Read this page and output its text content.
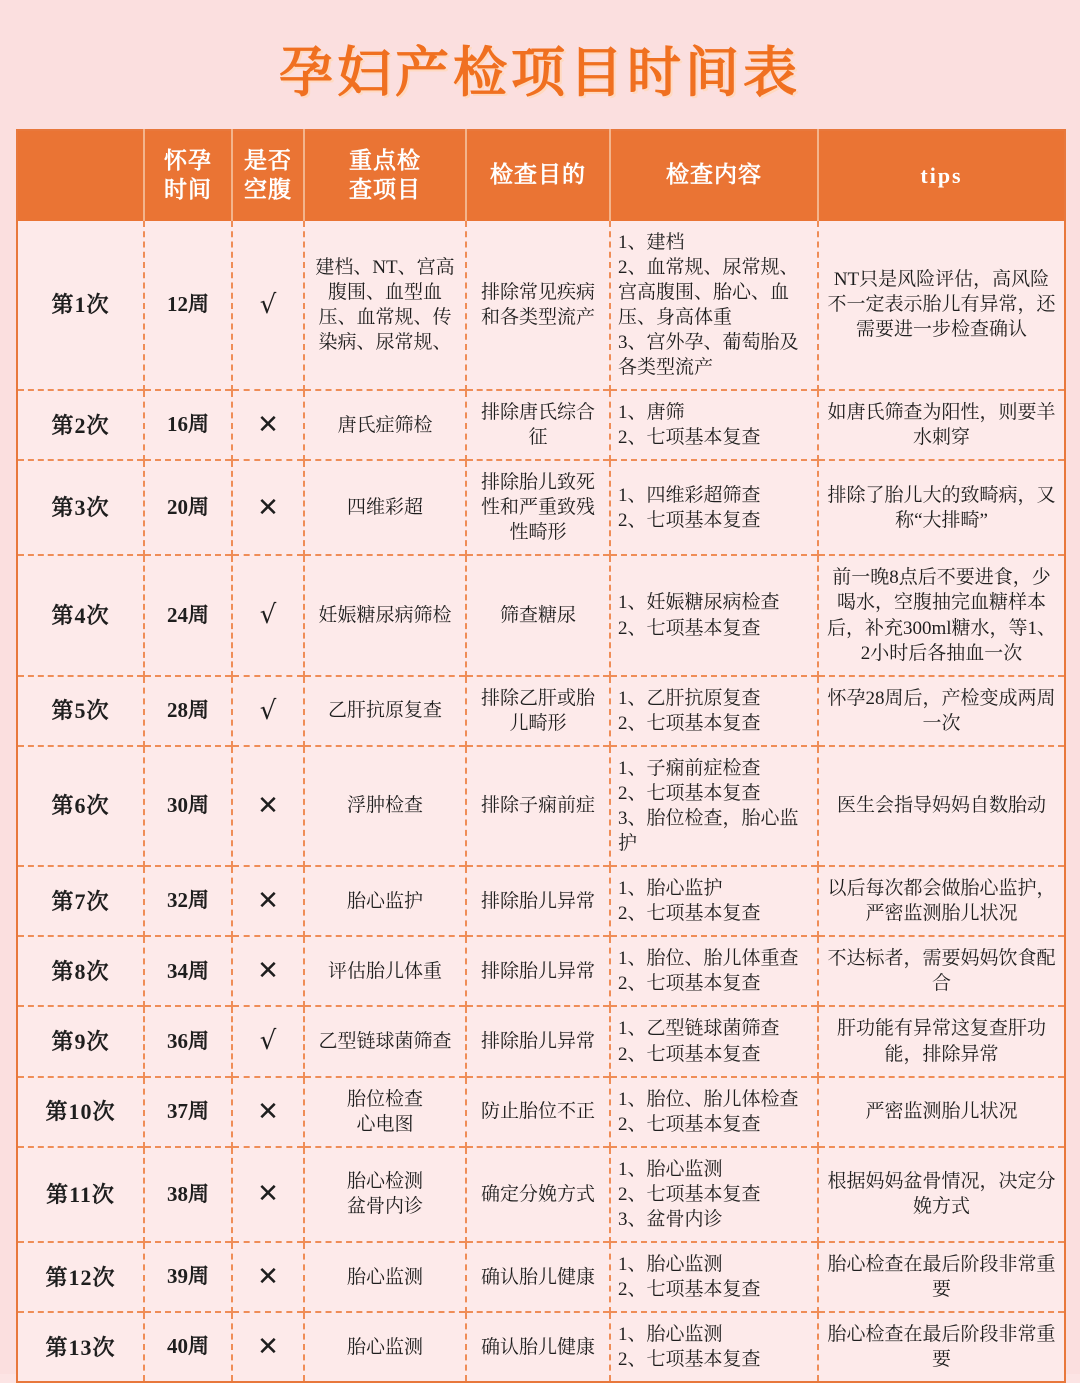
孕妇产检项目时间表

	怀孕
时间	是否
空腹	重点检
查项目	检查目的	检查内容	tips
第1次	12周	√	建档、NT、宫高腹围、血型血压、血常规、传染病、尿常规、	排除常见疾病和各类型流产	1、建档
2、血常规、尿常规、宫高腹围、胎心、血压、身高体重
3、宫外孕、葡萄胎及各类型流产	NT只是风险评估，高风险不一定表示胎儿有异常，还需要进一步检查确认
第2次	16周	✕	唐氏症筛检	排除唐氏综合征	1、唐筛
2、七项基本复查	如唐氏筛查为阳性，则要羊水刺穿
第3次	20周	✕	四维彩超	排除胎儿致死性和严重致残性畸形	1、四维彩超筛查
2、七项基本复查	排除了胎儿大的致畸病，又称“大排畸”
第4次	24周	√	妊娠糖尿病筛检	筛查糖尿	1、妊娠糖尿病检查
2、七项基本复查	前一晚8点后不要进食，少喝水，空腹抽完血糖样本后，补充300ml糖水，等1、2小时后各抽血一次
第5次	28周	√	乙肝抗原复查	排除乙肝或胎儿畸形	1、乙肝抗原复查
2、七项基本复查	怀孕28周后，产检变成两周一次
第6次	30周	✕	浮肿检查	排除子痫前症	1、子痫前症检查
2、七项基本复查
3、胎位检查，胎心监护	医生会指导妈妈自数胎动
第7次	32周	✕	胎心监护	排除胎儿异常	1、胎心监护
2、七项基本复查	以后每次都会做胎心监护，严密监测胎儿状况
第8次	34周	✕	评估胎儿体重	排除胎儿异常	1、胎位、胎儿体重查
2、七项基本复查	不达标者，需要妈妈饮食配合
第9次	36周	√	乙型链球菌筛查	排除胎儿异常	1、乙型链球菌筛查
2、七项基本复查	肝功能有异常这复查肝功能，排除异常
第10次	37周	✕	胎位检查
心电图	防止胎位不正	1、胎位、胎儿体检查
2、七项基本复查	严密监测胎儿状况
第11次	38周	✕	胎心检测
盆骨内诊	确定分娩方式	1、胎心监测
2、七项基本复查
3、盆骨内诊	根据妈妈盆骨情况，决定分娩方式
第12次	39周	✕	胎心监测	确认胎儿健康	1、胎心监测
2、七项基本复查	胎心检查在最后阶段非常重要
第13次	40周	✕	胎心监测	确认胎儿健康	1、胎心监测
2、七项基本复查	胎心检查在最后阶段非常重要
